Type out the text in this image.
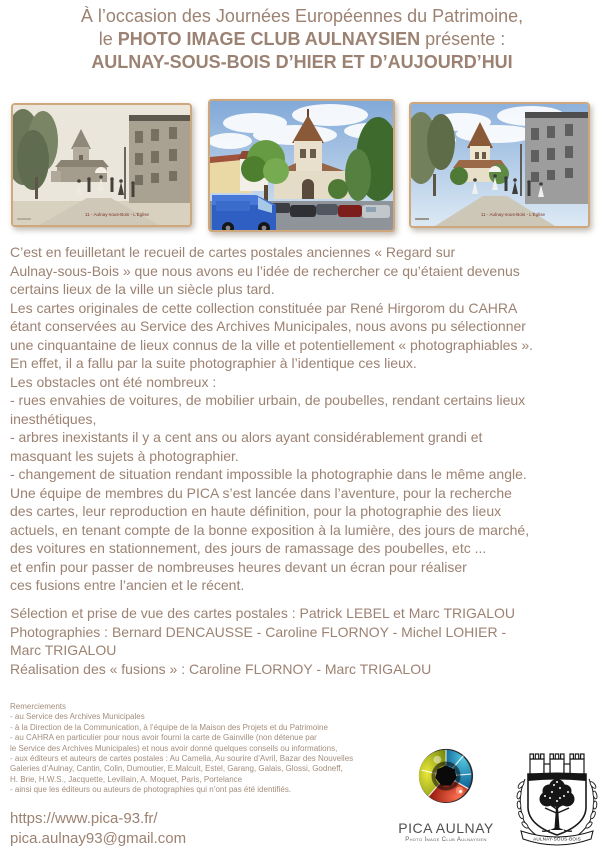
À l’occasion des Journées Européennes du Patrimoine,
le PHOTO IMAGE CLUB AULNAYSIEN présente :
AULNAY-SOUS-BOIS D’HIER ET D’AUJOURD’HUI
11 - Aulnay-sous-Bois - L’Église	11 - Aulnay-sous-Bois - L’Église
C’est en feuilletant le recueil de cartes postales anciennes « Regard sur
Aulnay-sous-Bois » que nous avons eu l’idée de rechercher ce qu’étaient devenus
certains lieux de la ville un siècle plus tard.
Les cartes originales de cette collection constituée par René Hirgorom du CAHRA
étant conservées au Service des Archives Municipales, nous avons pu sélectionner
une cinquantaine de lieux connus de la ville et potentiellement « photographiables ».
En effet, il a fallu par la suite photographier à l’identique ces lieux.
Les obstacles ont été nombreux :
- rues envahies de voitures, de mobilier urbain, de poubelles, rendant certains lieux
inesthétiques,
- arbres inexistants il y a cent ans ou alors ayant considérablement grandi et
masquant les sujets à photographier.
- changement de situation rendant impossible la photographie dans le même angle.
Une équipe de membres du PICA s’est lancée dans l’aventure, pour la recherche
des cartes, leur reproduction en haute définition, pour la photographie des lieux
actuels, en tenant compte de la bonne exposition à la lumière, des jours de marché,
des voitures en stationnement, des jours de ramassage des poubelles, etc ...
et enfin pour passer de nombreuses heures devant un écran pour réaliser
ces fusions entre l’ancien et le récent.
Sélection et prise de vue des cartes postales : Patrick LEBEL et Marc TRIGALOU
Photographies : Bernard DENCAUSSE - Caroline FLORNOY - Michel LOHIER -
Marc TRIGALOU
Réalisation des « fusions » : Caroline FLORNOY - Marc TRIGALOU
Remerciements
- au Service des Archives Municipales
- à la Direction de la Communication, à l’équipe de la Maison des Projets et du Patrimoine
- au CAHRA en particulier pour nous avoir fourni la carte de Gainville (non détenue par
le Service des Archives Municipales) et nous avoir donné quelques conseils ou informations,
- aux éditeurs et auteurs de cartes postales : Au Camelia, Au sourire d’Avril, Bazar des Nouvelles
Galeries d’Aulnay, Cantin, Colin, Dumoutier, E.Malcuit, Estel, Garang, Galais, Glossi, Godneff,
H. Brie, H.W.S., Jacquette, Levillain, A. Moquet, Paris, Portelance
- ainsi que les éditeurs ou auteurs de photographies qui n’ont pas été identifiés.
https://www.pica-93.fr/
pica.aulnay93@gmail.com
PICA AULNAY
Photo Image Club Aulnaysien	AULNAY-SOUS-BOIS
